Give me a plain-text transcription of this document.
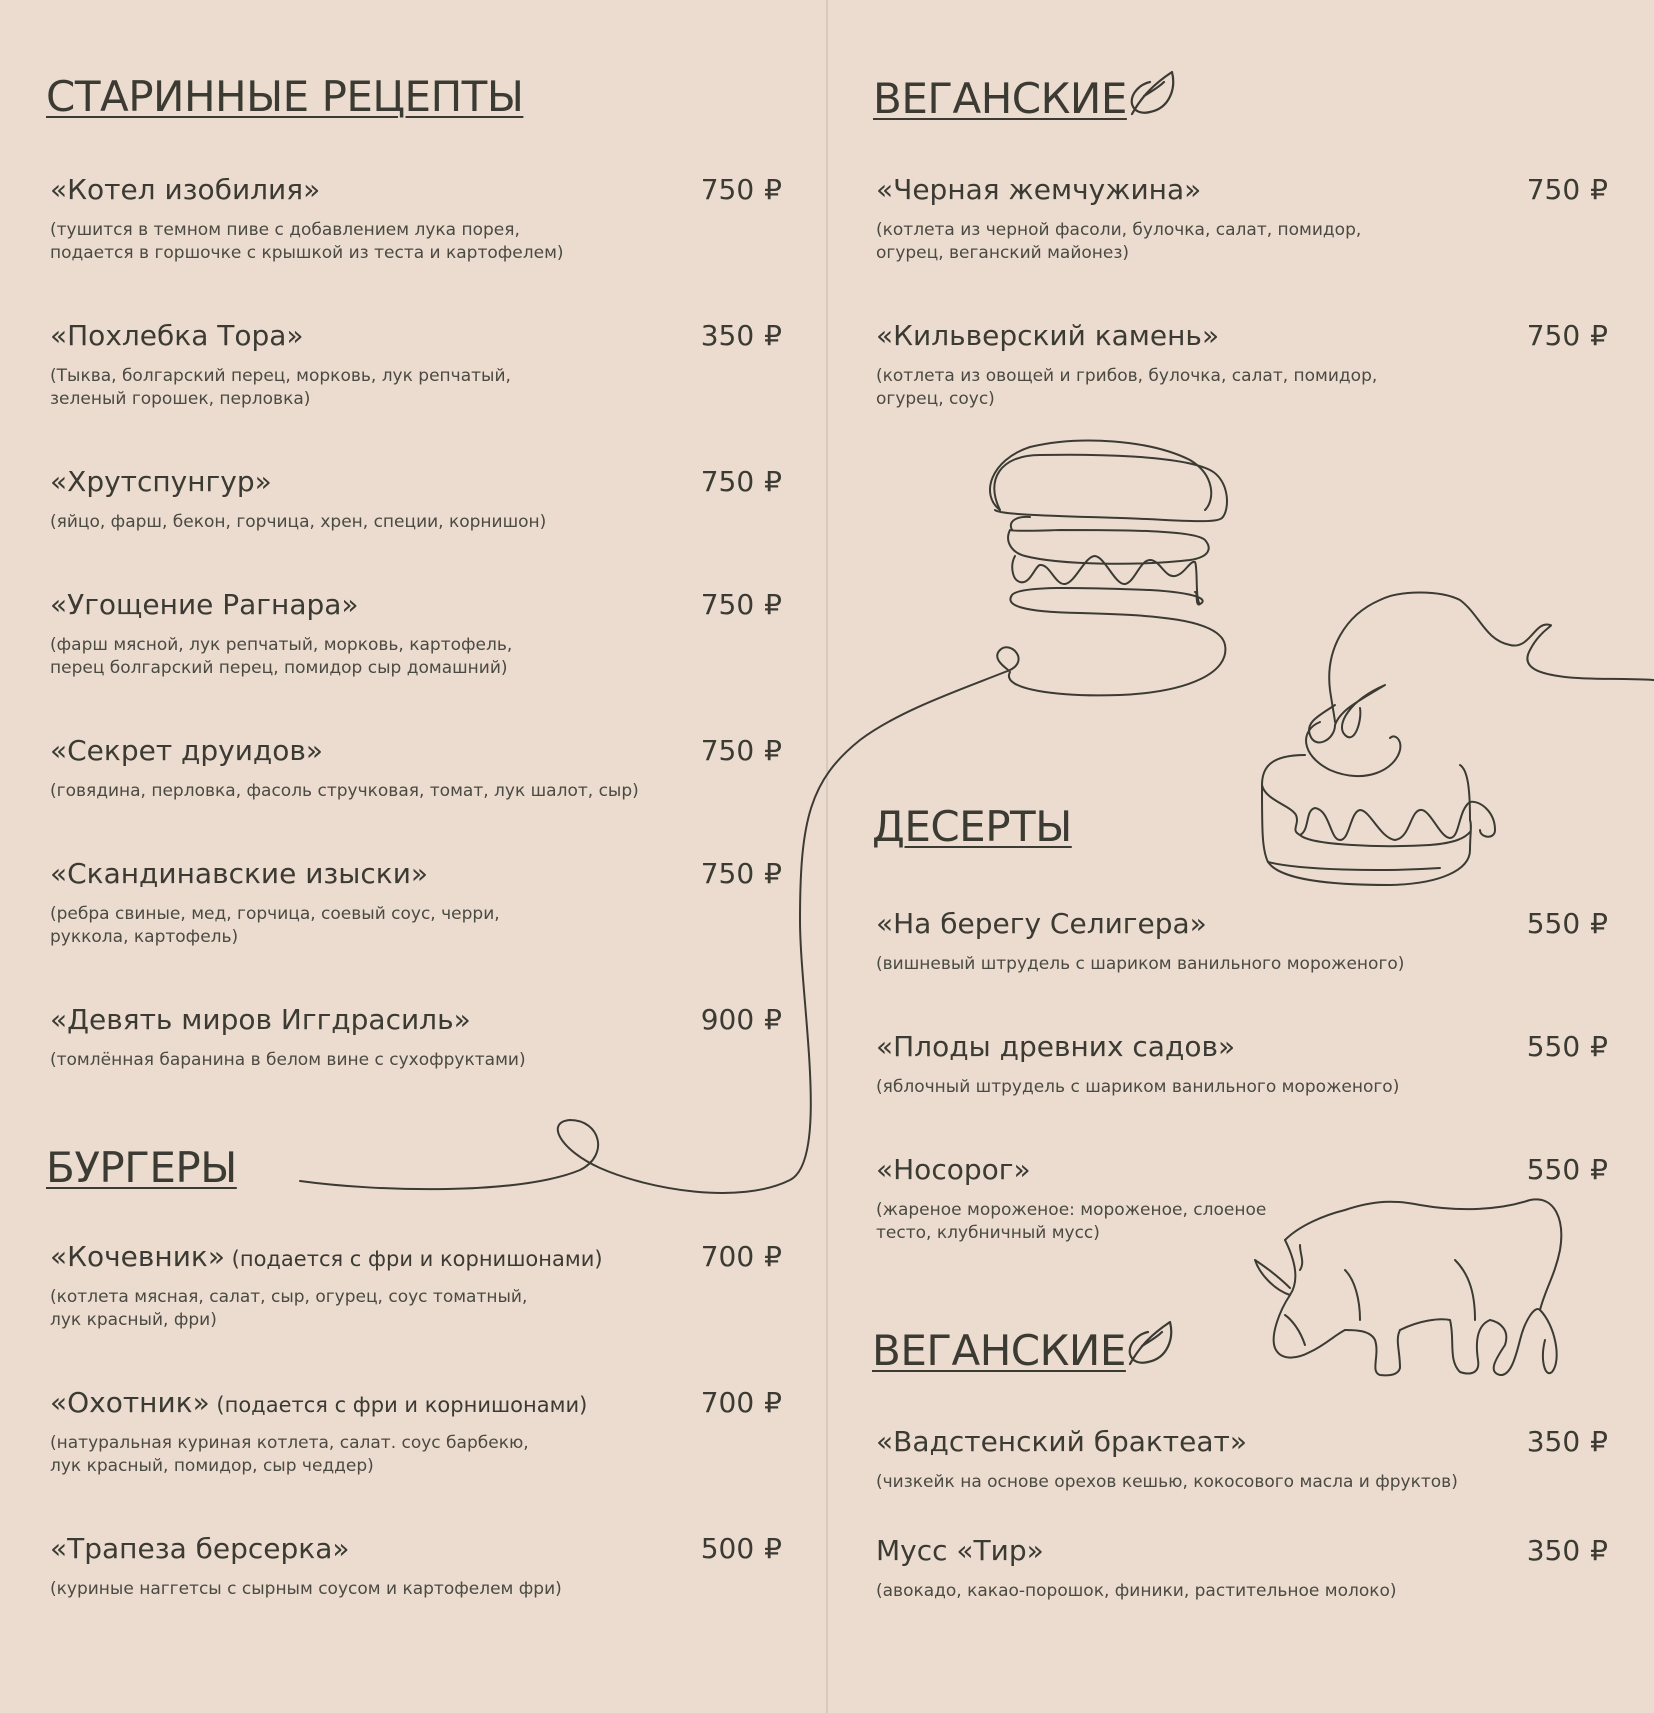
СТАРИННЫЕ РЕЦЕПТЫ
«Котел изобилия»
(тушится в темном пиве с добавлением лука порея,
подается в горшочке с крышкой из теста и картофелем)
750 ₽
«Похлебка Тора»
(Тыква, болгарский перец, морковь, лук репчатый,
зеленый горошек, перловка)
350 ₽
«Хрутспунгур»
(яйцо, фарш, бекон, горчица, хрен, специи, корнишон)
750 ₽
«Угощение Рагнара»
(фарш мясной, лук репчатый, морковь, картофель,
перец болгарский перец, помидор сыр домашний)
750 ₽
«Секрет друидов»
(говядина, перловка, фасоль стручковая, томат, лук шалот, сыр)
750 ₽
«Скандинавские изыски»
(ребра свиные, мед, горчица, соевый соус, черри,
руккола, картофель)
750 ₽
«Девять миров Иггдрасиль»
(томлённая баранина в белом вине с сухофруктами)
900 ₽
БУРГЕРЫ
«Кочевник» (подается с фри и корнишонами)
(котлета мясная, салат, сыр, огурец, соус томатный,
лук красный, фри)
700 ₽
«Охотник» (подается с фри и корнишонами)
(натуральная куриная котлета, салат. соус барбекю,
лук красный, помидор, сыр чеддер)
700 ₽
«Трапеза берсерка»
(куриные наггетсы с сырным соусом и картофелем фри)
500 ₽
ВЕГАНСКИЕ
«Черная жемчужина»
(котлета из черной фасоли, булочка, салат, помидор,
огурец, веганский майонез)
750 ₽
«Кильверский камень»
(котлета из овощей и грибов, булочка, салат, помидор,
огурец, соус)
750 ₽
ДЕСЕРТЫ
«На берегу Селигера»
(вишневый штрудель с шариком ванильного мороженого)
550 ₽
«Плоды древних садов»
(яблочный штрудель с шариком ванильного мороженого)
550 ₽
«Носорог»
(жареное мороженое: мороженое, слоеное
тесто, клубничный мусс)
550 ₽
ВЕГАНСКИЕ
«Вадстенский брактеат»
(чизкейк на основе орехов кешью, кокосового масла и фруктов)
350 ₽
Мусс «Тир»
(авокадо, какао-порошок, финики, растительное молоко)
350 ₽
